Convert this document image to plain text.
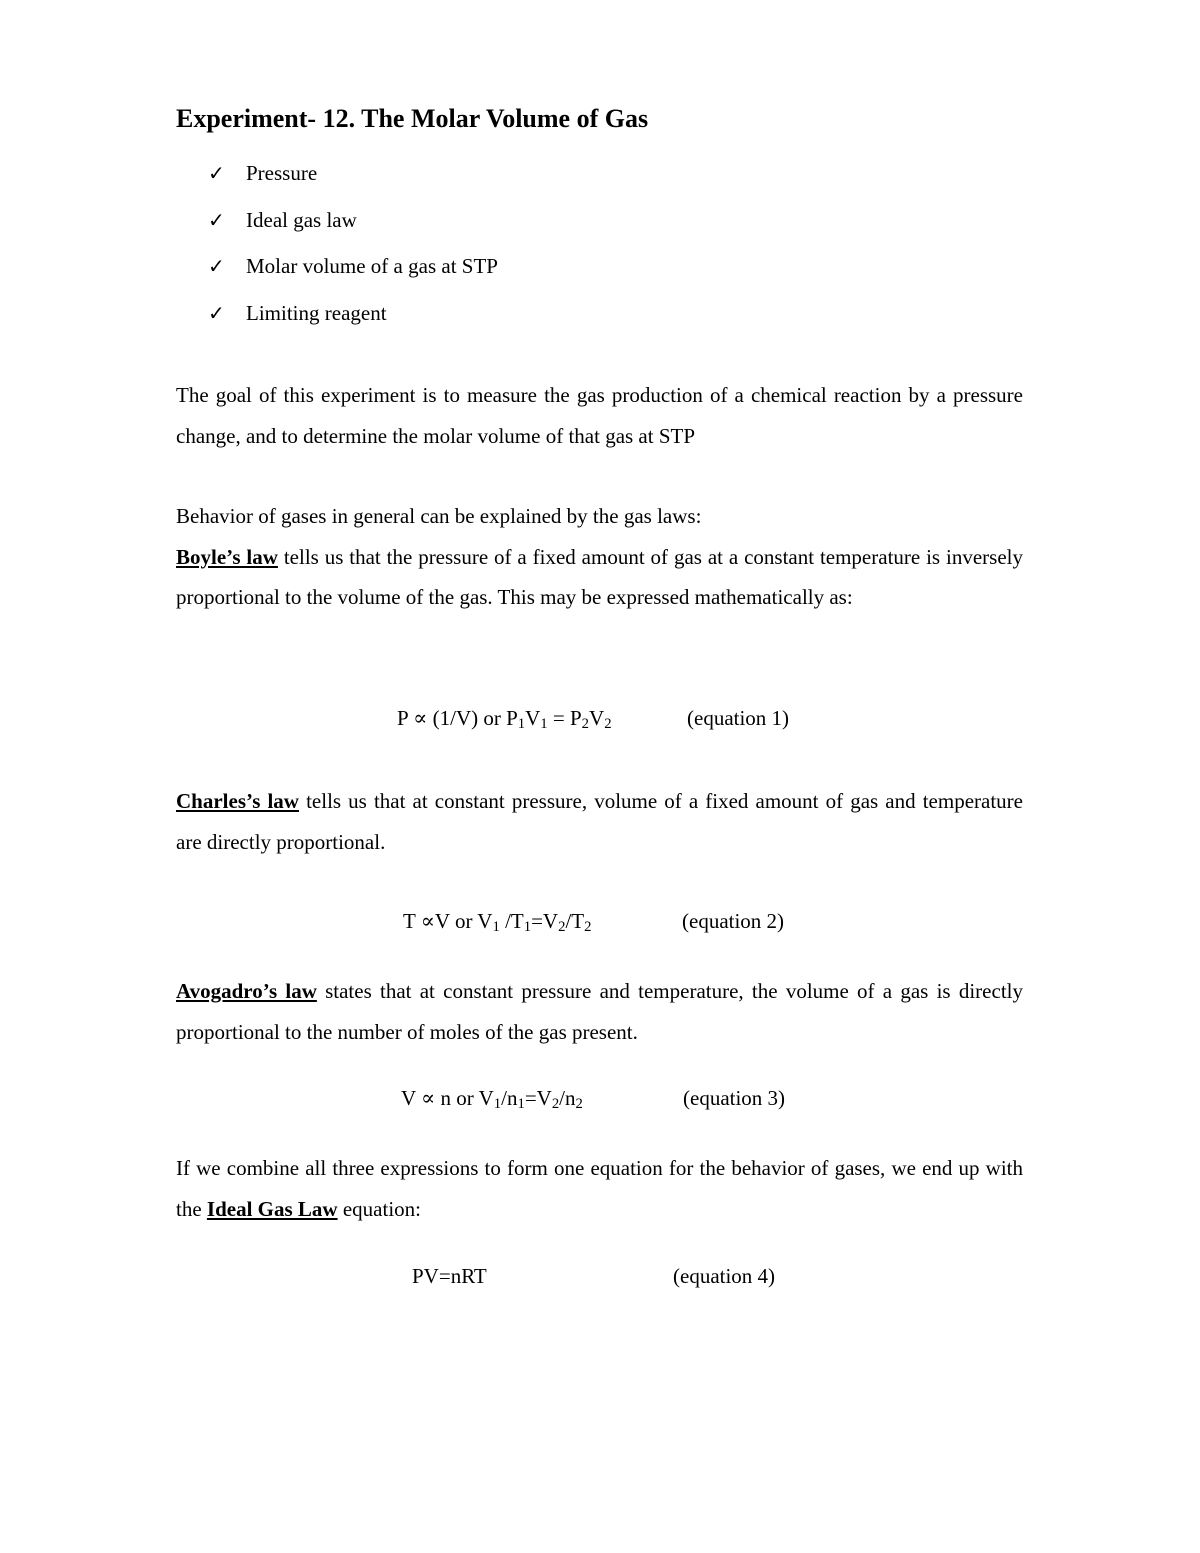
Experiment- 12. The Molar Volume of Gas
✓	Pressure
✓	Ideal gas law
✓	Molar volume of a gas at STP
✓	Limiting reagent

The goal of this experiment is to measure the gas production of a chemical reaction by a pressure change, and to determine the molar volume of that gas at STP

Behavior of gases in general can be explained by the gas laws:
Boyle’s law tells us that the pressure of a fixed amount of gas at a constant temperature is inversely proportional to the volume of the gas. This may be expressed mathematically as:

P ∝ (1/V) or $P_1V_1 = P_2V_2$	(equation 1)

Charles’s law tells us that at constant pressure, volume of a fixed amount of gas and temperature are directly proportional.

T ∝V or $V_1$ $/T_1=V_2/T_2$	(equation 2)

Avogadro’s law states that at constant pressure and temperature, the volume of a gas is directly proportional to the number of moles of the gas present.

V ∝ n or $V_1/n_1=V_2/n_2$	(equation 3)

If we combine all three expressions to form one equation for the behavior of gases, we end up with the Ideal Gas Law equation:

PV=nRT	(equation 4)
